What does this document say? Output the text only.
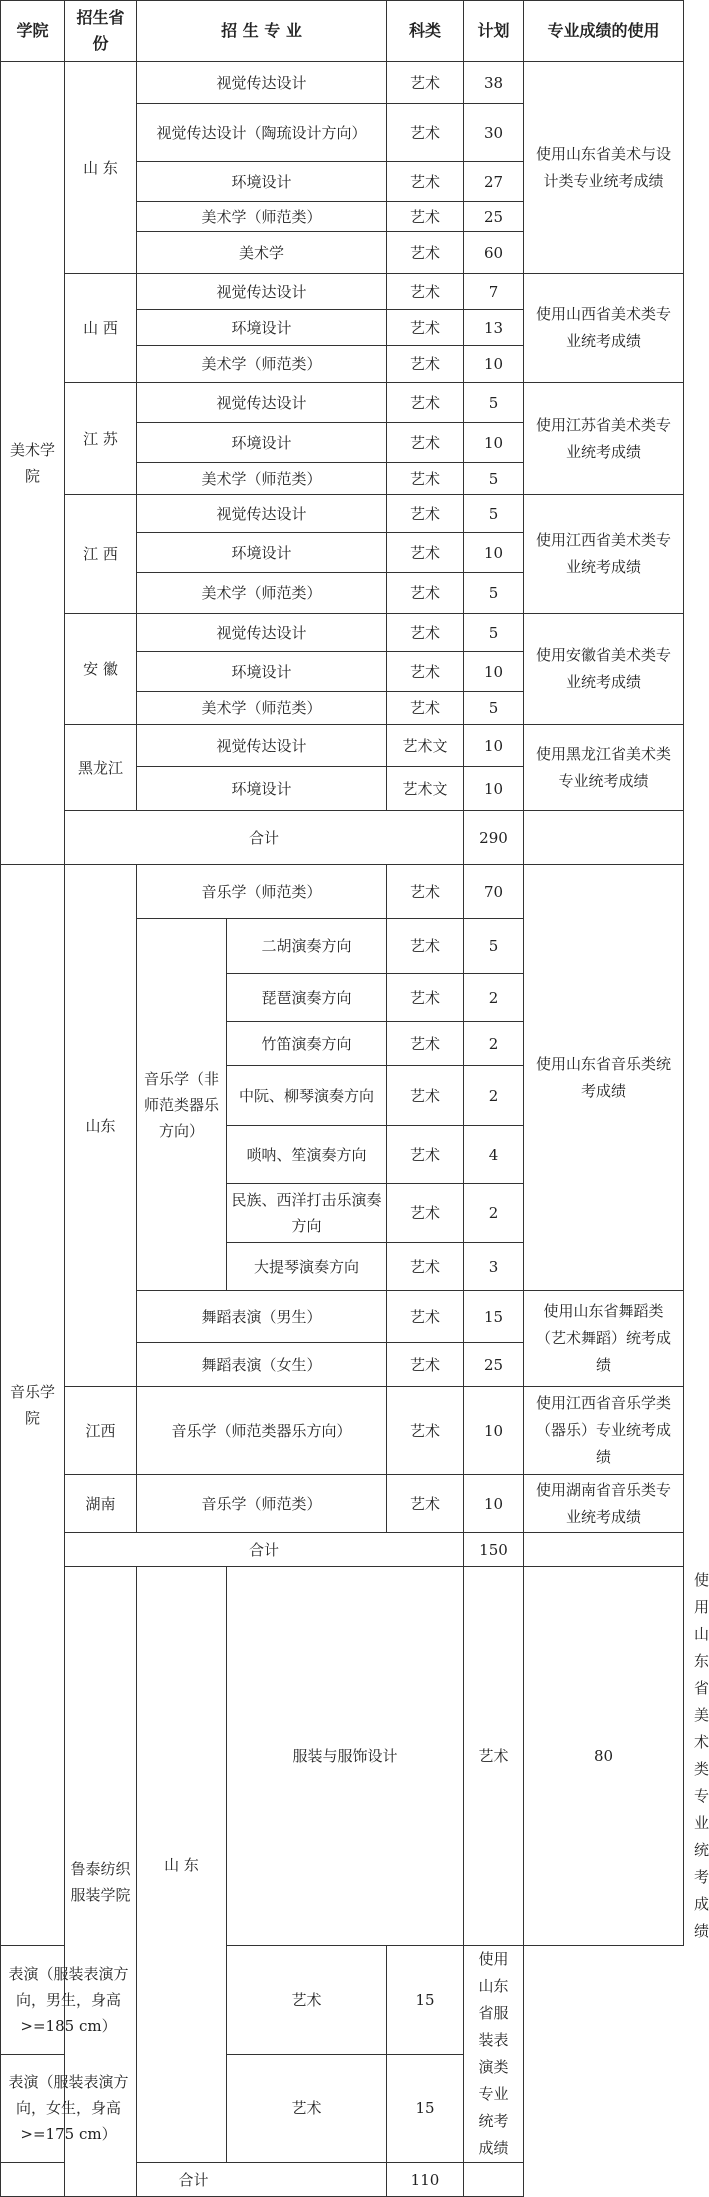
学院	招生省份	招 生 专 业		科类	计划	专业成绩的使用	
美术学院	山 东	视觉传达设计		艺术	38	使用山东省美术与设计类专业统考成绩	
		视觉传达设计（陶琉设计方向）		艺术	30		
		环境设计		艺术	27		
		美术学（师范类）		艺术	25		
		美术学		艺术	60		
	山 西	视觉传达设计		艺术	7	使用山西省美术类专业统考成绩	
		环境设计		艺术	13		
		美术学（师范类）		艺术	10		
	江 苏	视觉传达设计		艺术	5	使用江苏省美术类专业统考成绩	
		环境设计		艺术	10		
		美术学（师范类）		艺术	5		
	江 西	视觉传达设计		艺术	5	使用江西省美术类专业统考成绩	
		环境设计		艺术	10		
		美术学（师范类）		艺术	5		
	安 徽	视觉传达设计		艺术	5	使用安徽省美术类专业统考成绩	
		环境设计		艺术	10		
		美术学（师范类）		艺术	5		
	黑龙江	视觉传达设计		艺术文	10	使用黑龙江省美术类专业统考成绩	
		环境设计		艺术文	10		
	合计				290		
音乐学院	山东	音乐学（师范类）		艺术	70	使用山东省音乐类统考成绩	
		音乐学（非师范类器乐方向）	二胡演奏方向	艺术	5		
			琵琶演奏方向	艺术	2		
			竹笛演奏方向	艺术	2		
			中阮、柳琴演奏方向	艺术	2		
			唢呐、笙演奏方向	艺术	4		
			民族、西洋打击乐演奏方向	艺术	2		
			大提琴演奏方向	艺术	3		
		舞蹈表演（男生）		艺术	15	使用山东省舞蹈类（艺术舞蹈）统考成绩	
		舞蹈表演（女生）		艺术	25		
	江西	音乐学（师范类器乐方向）		艺术	10	使用江西省音乐学类（器乐）专业统考成绩	
	湖南	音乐学（师范类）		艺术	10	使用湖南省音乐类专业统考成绩	
	合计				150		
	鲁泰纺织服装学院	山 东	服装与服饰设计		艺术	80	使用山东省美术类专业统考成绩
表演（服装表演方向，男生，身高>=185 cm）			艺术	15	使用山东省服装表演类专业统考成绩		
表演（服装表演方向，女生，身高>=175 cm）			艺术	15			
合计				110			
